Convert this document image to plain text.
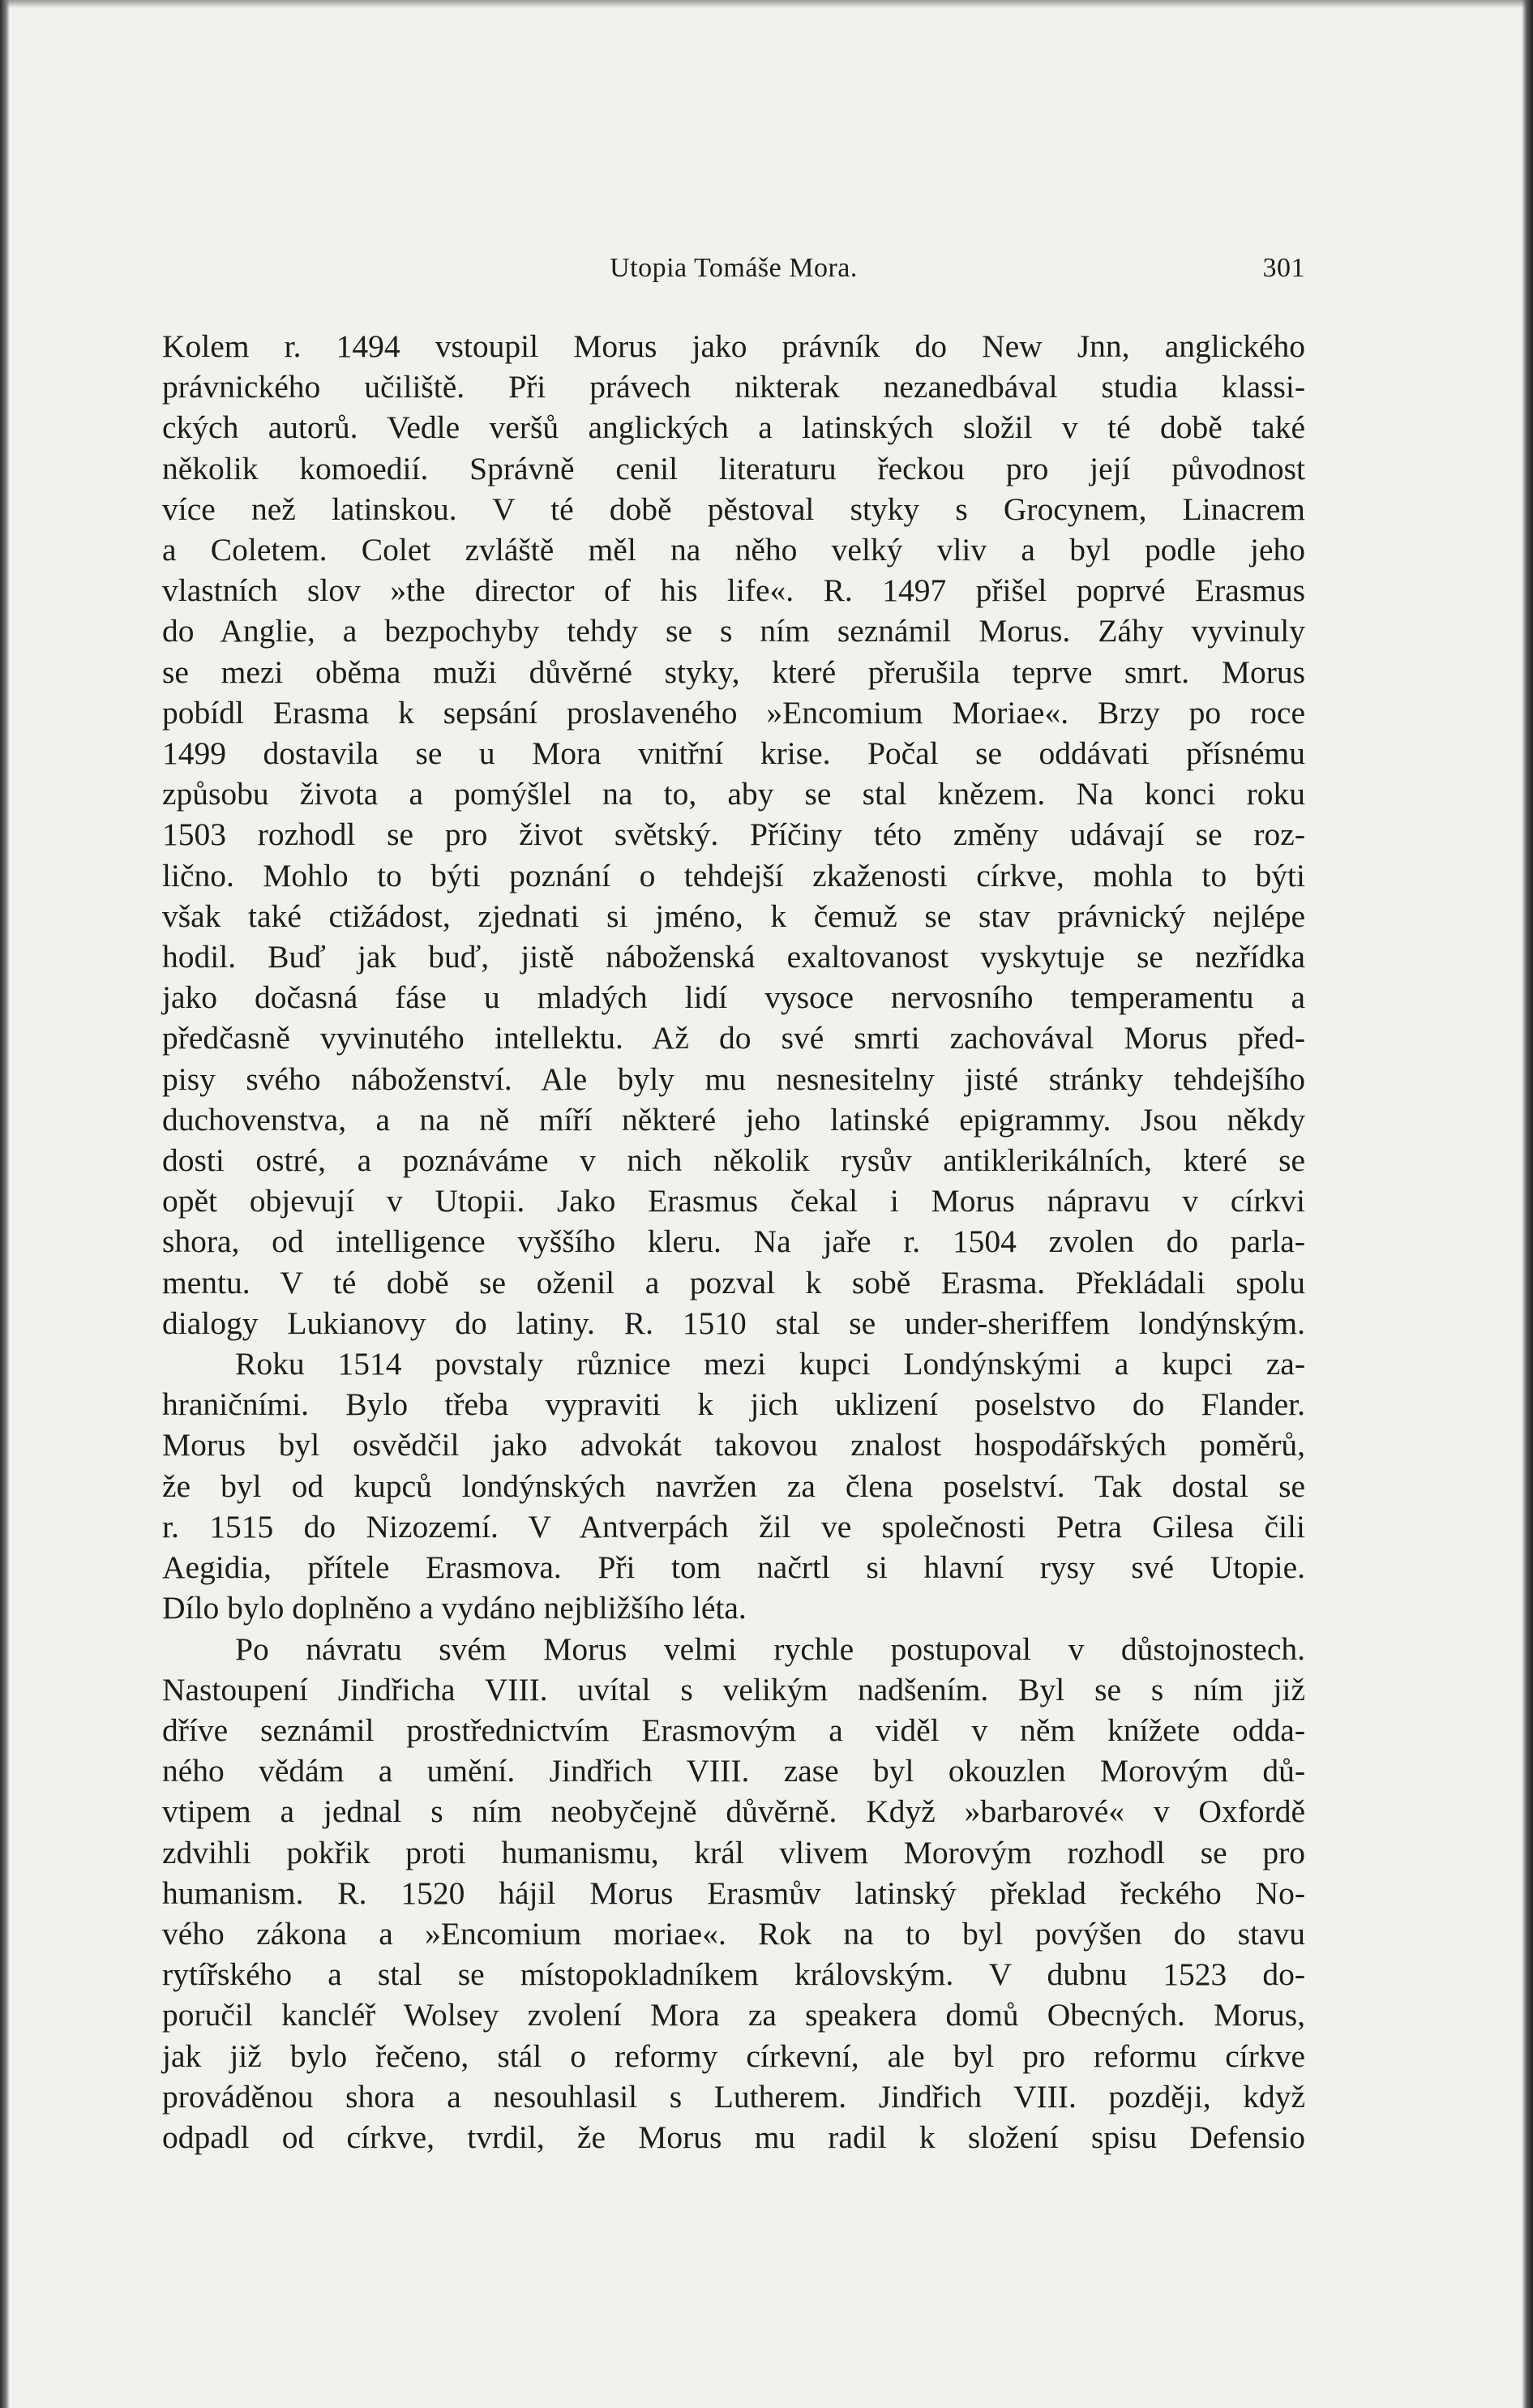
Utopia Tomáše Mora.	301

Kolem r. 1494 vstoupil Morus jako právník do New Jnn, anglického

právnického učiliště. Při právech nikterak nezanedbával studia klassi-

ckých autorů. Vedle veršů anglických a latinských složil v té době také

několik komoedií. Správně cenil literaturu řeckou pro její původnost

více než latinskou. V té době pěstoval styky s Grocynem, Linacrem

a Coletem. Colet zvláště měl na něho velký vliv a byl podle jeho

vlastních slov »the director of his life«. R. 1497 přišel poprvé Erasmus

do Anglie, a bezpochyby tehdy se s ním seznámil Morus. Záhy vyvinuly

se mezi oběma muži důvěrné styky, které přerušila teprve smrt. Morus

pobídl Erasma k sepsání proslaveného »Encomium Moriae«. Brzy po roce

1499 dostavila se u Mora vnitřní krise. Počal se oddávati přísnému

způsobu života a pomýšlel na to, aby se stal knězem. Na konci roku

1503 rozhodl se pro život světský. Příčiny této změny udávají se roz-

lično. Mohlo to býti poznání o tehdejší zkaženosti církve, mohla to býti

však také ctižádost, zjednati si jméno, k čemuž se stav právnický nejlépe

hodil. Buď jak buď, jistě náboženská exaltovanost vyskytuje se nezřídka

jako dočasná fáse u mladých lidí vysoce nervosního temperamentu a

předčasně vyvinutého intellektu. Až do své smrti zachovával Morus před-

pisy svého náboženství. Ale byly mu nesnesitelny jisté stránky tehdejšího

duchovenstva, a na ně míří některé jeho latinské epigrammy. Jsou někdy

dosti ostré, a poznáváme v nich několik rysův antiklerikálních, které se

opět objevují v Utopii. Jako Erasmus čekal i Morus nápravu v církvi

shora, od intelligence vyššího kleru. Na jaře r. 1504 zvolen do parla-

mentu. V té době se oženil a pozval k sobě Erasma. Překládali spolu

dialogy Lukianovy do latiny. R. 1510 stal se under-sheriffem londýnským.

Roku 1514 povstaly různice mezi kupci Londýnskými a kupci za-

hraničními. Bylo třeba vypraviti k jich uklizení poselstvo do Flander.

Morus byl osvědčil jako advokát takovou znalost hospodářských poměrů,

že byl od kupců londýnských navržen za člena poselství. Tak dostal se

r. 1515 do Nizozemí. V Antverpách žil ve společnosti Petra Gilesa čili

Aegidia, přítele Erasmova. Při tom načrtl si hlavní rysy své Utopie.

Dílo bylo doplněno a vydáno nejbližšího léta.

Po návratu svém Morus velmi rychle postupoval v důstojnostech.

Nastoupení Jindřicha VIII. uvítal s velikým nadšením. Byl se s ním již

dříve seznámil prostřednictvím Erasmovým a viděl v něm knížete odda-

ného vědám a umění. Jindřich VIII. zase byl okouzlen Morovým dů-

vtipem a jednal s ním neobyčejně důvěrně. Když »barbarové« v Oxfordě

zdvihli pokřik proti humanismu, král vlivem Morovým rozhodl se pro

humanism. R. 1520 hájil Morus Erasmův latinský překlad řeckého No-

vého zákona a »Encomium moriae«. Rok na to byl povýšen do stavu

rytířského a stal se místopokladníkem královským. V dubnu 1523 do-

poručil kancléř Wolsey zvolení Mora za speakera domů Obecných. Morus,

jak již bylo řečeno, stál o reformy církevní, ale byl pro reformu církve

prováděnou shora a nesouhlasil s Lutherem. Jindřich VIII. později, když

odpadl od církve, tvrdil, že Morus mu radil k složení spisu Defensio
